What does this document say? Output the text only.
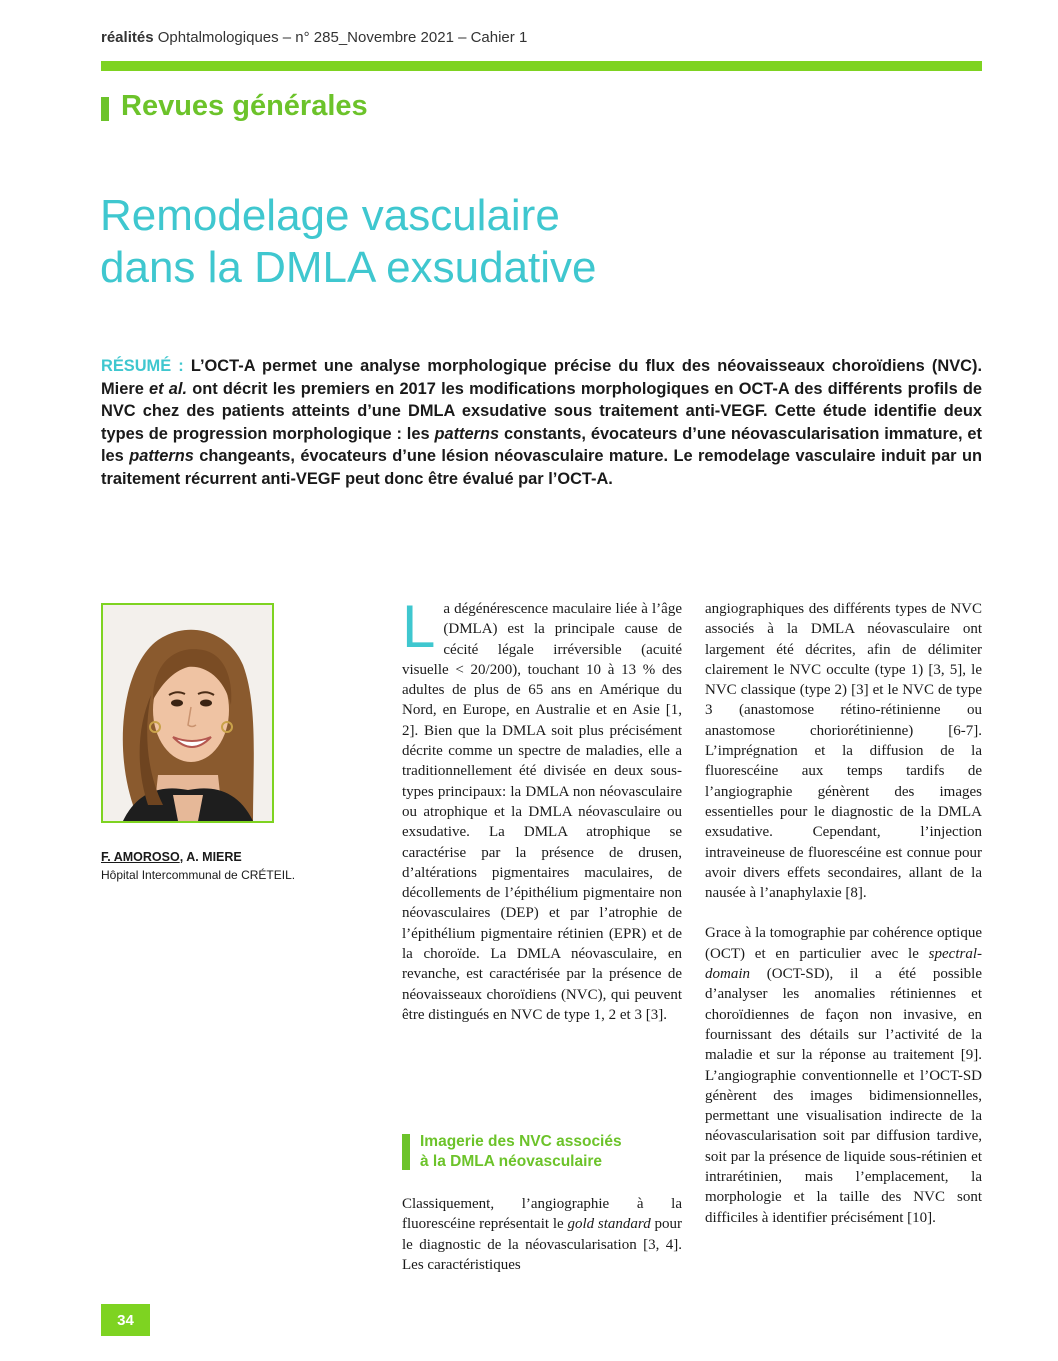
réalités Ophtalmologiques – n° 285_Novembre 2021 – Cahier 1
Revues générales
Remodelage vasculaire
dans la DMLA exsudative

RÉSUMÉ : L’OCT-A permet une analyse morphologique précise du flux des néovaisseaux choroïdiens (NVC). Miere et al. ont décrit les premiers en 2017 les modifications morphologiques en OCT-A des différents profils de NVC chez des patients atteints d’une DMLA exsudative sous traitement anti-VEGF. Cette étude identifie deux types de progression morphologique : les patterns constants, évocateurs d’une néovascularisation immature, et les patterns changeants, évocateurs d’une lésion néovasculaire mature. Le remodelage vasculaire induit par un traitement récurrent anti-VEGF peut donc être évalué par l’OCT-A.

F. AMOROSO, A. MIERE
Hôpital Intercommunal de CRÉTEIL.

La dégénérescence maculaire liée à l’âge (DMLA) est la principale cause de cécité légale irréversible (acuité visuelle < 20/200), touchant 10 à 13 % des adultes de plus de 65 ans en Amérique du Nord, en Europe, en Australie et en Asie [1, 2]. Bien que la DMLA soit plus précisément décrite comme un spectre de maladies, elle a traditionnellement été divisée en deux sous-types principaux: la DMLA non néovasculaire ou atrophique et la DMLA néovasculaire ou exsudative. La DMLA atrophique se caractérise par la présence de drusen, d’altérations pigmentaires maculaires, de décollements de l’épithélium pigmentaire non néovasculaires (DEP) et par l’atrophie de l’épithélium pigmentaire rétinien (EPR) et de la choroïde. La DMLA néovasculaire, en revanche, est caractérisée par la présence de néovaisseaux choroïdiens (NVC), qui peuvent être distingués en NVC de type 1, 2 et 3 [3].

Imagerie des NVC associés
à la DMLA néovasculaire

Classiquement, l’angiographie à la fluorescéine représentait le gold standard pour le diagnostic de la néovascularisation [3, 4]. Les caractéristiques

angiographiques des différents types de NVC associés à la DMLA néovasculaire ont largement été décrites, afin de délimiter clairement le NVC occulte (type 1) [3, 5], le NVC classique (type 2) [3] et le NVC de type 3 (anastomose rétino-rétinienne ou anastomose choriorétinienne) [6-7]. L’imprégnation et la diffusion de la fluorescéine aux temps tardifs de l’angiographie génèrent des images essentielles pour le diagnostic de la DMLA exsudative. Cependant, l’injection intraveineuse de fluorescéine est connue pour avoir divers effets secondaires, allant de la nausée à l’anaphylaxie [8].

Grace à la tomographie par cohérence optique (OCT) et en particulier avec le spectral-domain (OCT-SD), il a été possible d’analyser les anomalies rétiniennes et choroïdiennes de façon non invasive, en fournissant des détails sur l’activité de la maladie et sur la réponse au traitement [9]. L’angiographie conventionnelle et l’OCT-SD génèrent des images bidimensionnelles, permettant une visualisation indirecte de la néovascularisation soit par diffusion tardive, soit par la présence de liquide sous-rétinien et intrarétinien, mais l’emplacement, la morphologie et la taille des NVC sont difficiles à identifier précisément [10].

34
